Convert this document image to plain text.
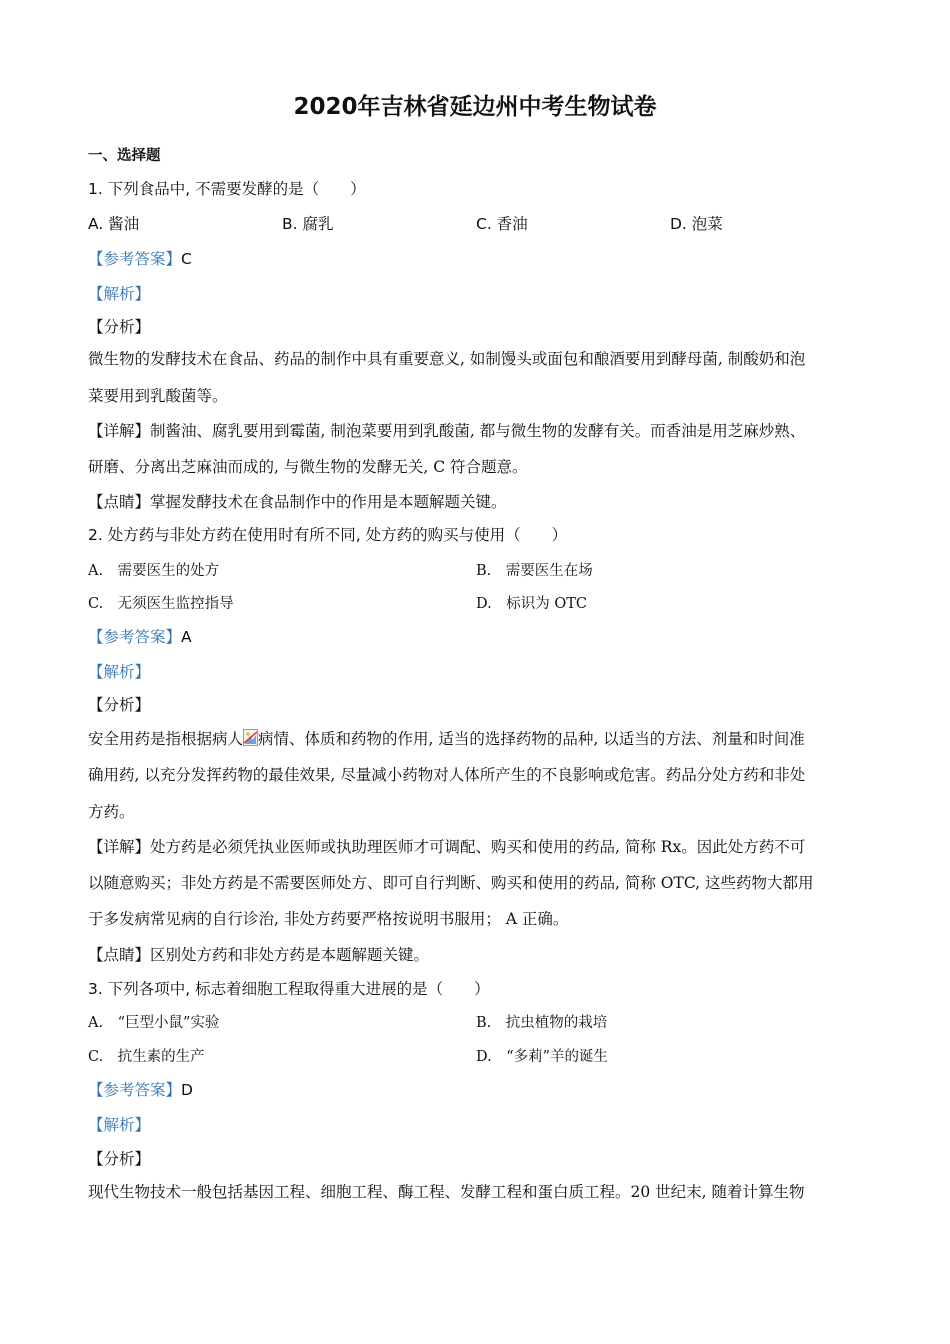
2020年吉林省延边州中考生物试卷
一、选择题
1. 下列食品中, 不需要发酵的是（　　）
A. 酱油	B. 腐乳	C. 香油	D. 泡菜
【参考答案】C
【解析】
【分析】
微生物的发酵技术在食品、药品的制作中具有重要意义, 如制馒头或面包和酿酒要用到酵母菌, 制酸奶和泡
菜要用到乳酸菌等。
【详解】制酱油、腐乳要用到霉菌, 制泡菜要用到乳酸菌, 都与微生物的发酵有关。而香油是用芝麻炒熟、
研磨、分离出芝麻油而成的, 与微生物的发酵无关, C 符合题意。
【点睛】掌握发酵技术在食品制作中的作用是本题解题关键。
2. 处方药与非处方药在使用时有所不同, 处方药的购买与使用（　　）
A.　需要医生的处方	B.　需要医生在场
C.　无须医生监控指导	D.　标识为 OTC
【参考答案】A
【解析】
【分析】
安全用药是指根据病人 病情、体质和药物的作用, 适当的选择药物的品种, 以适当的方法、剂量和时间准
确用药, 以充分发挥药物的最佳效果, 尽量减小药物对人体所产生的不良影响或危害。药品分处方药和非处
方药。
【详解】处方药是必须凭执业医师或执助理医师才可调配、购买和使用的药品, 简称 Rx。因此处方药不可
以随意购买；非处方药是不需要医师处方、即可自行判断、购买和使用的药品, 简称 OTC, 这些药物大都用
于多发病常见病的自行诊治, 非处方药要严格按说明书服用； A 正确。
【点睛】区别处方药和非处方药是本题解题关键。
3. 下列各项中, 标志着细胞工程取得重大进展的是（　　）
A.　“巨型小鼠”实验	B.　抗虫植物的栽培
C.　抗生素的生产	D.　“多莉”羊的诞生
【参考答案】D
【解析】
【分析】
现代生物技术一般包括基因工程、细胞工程、酶工程、发酵工程和蛋白质工程。20 世纪末, 随着计算生物
